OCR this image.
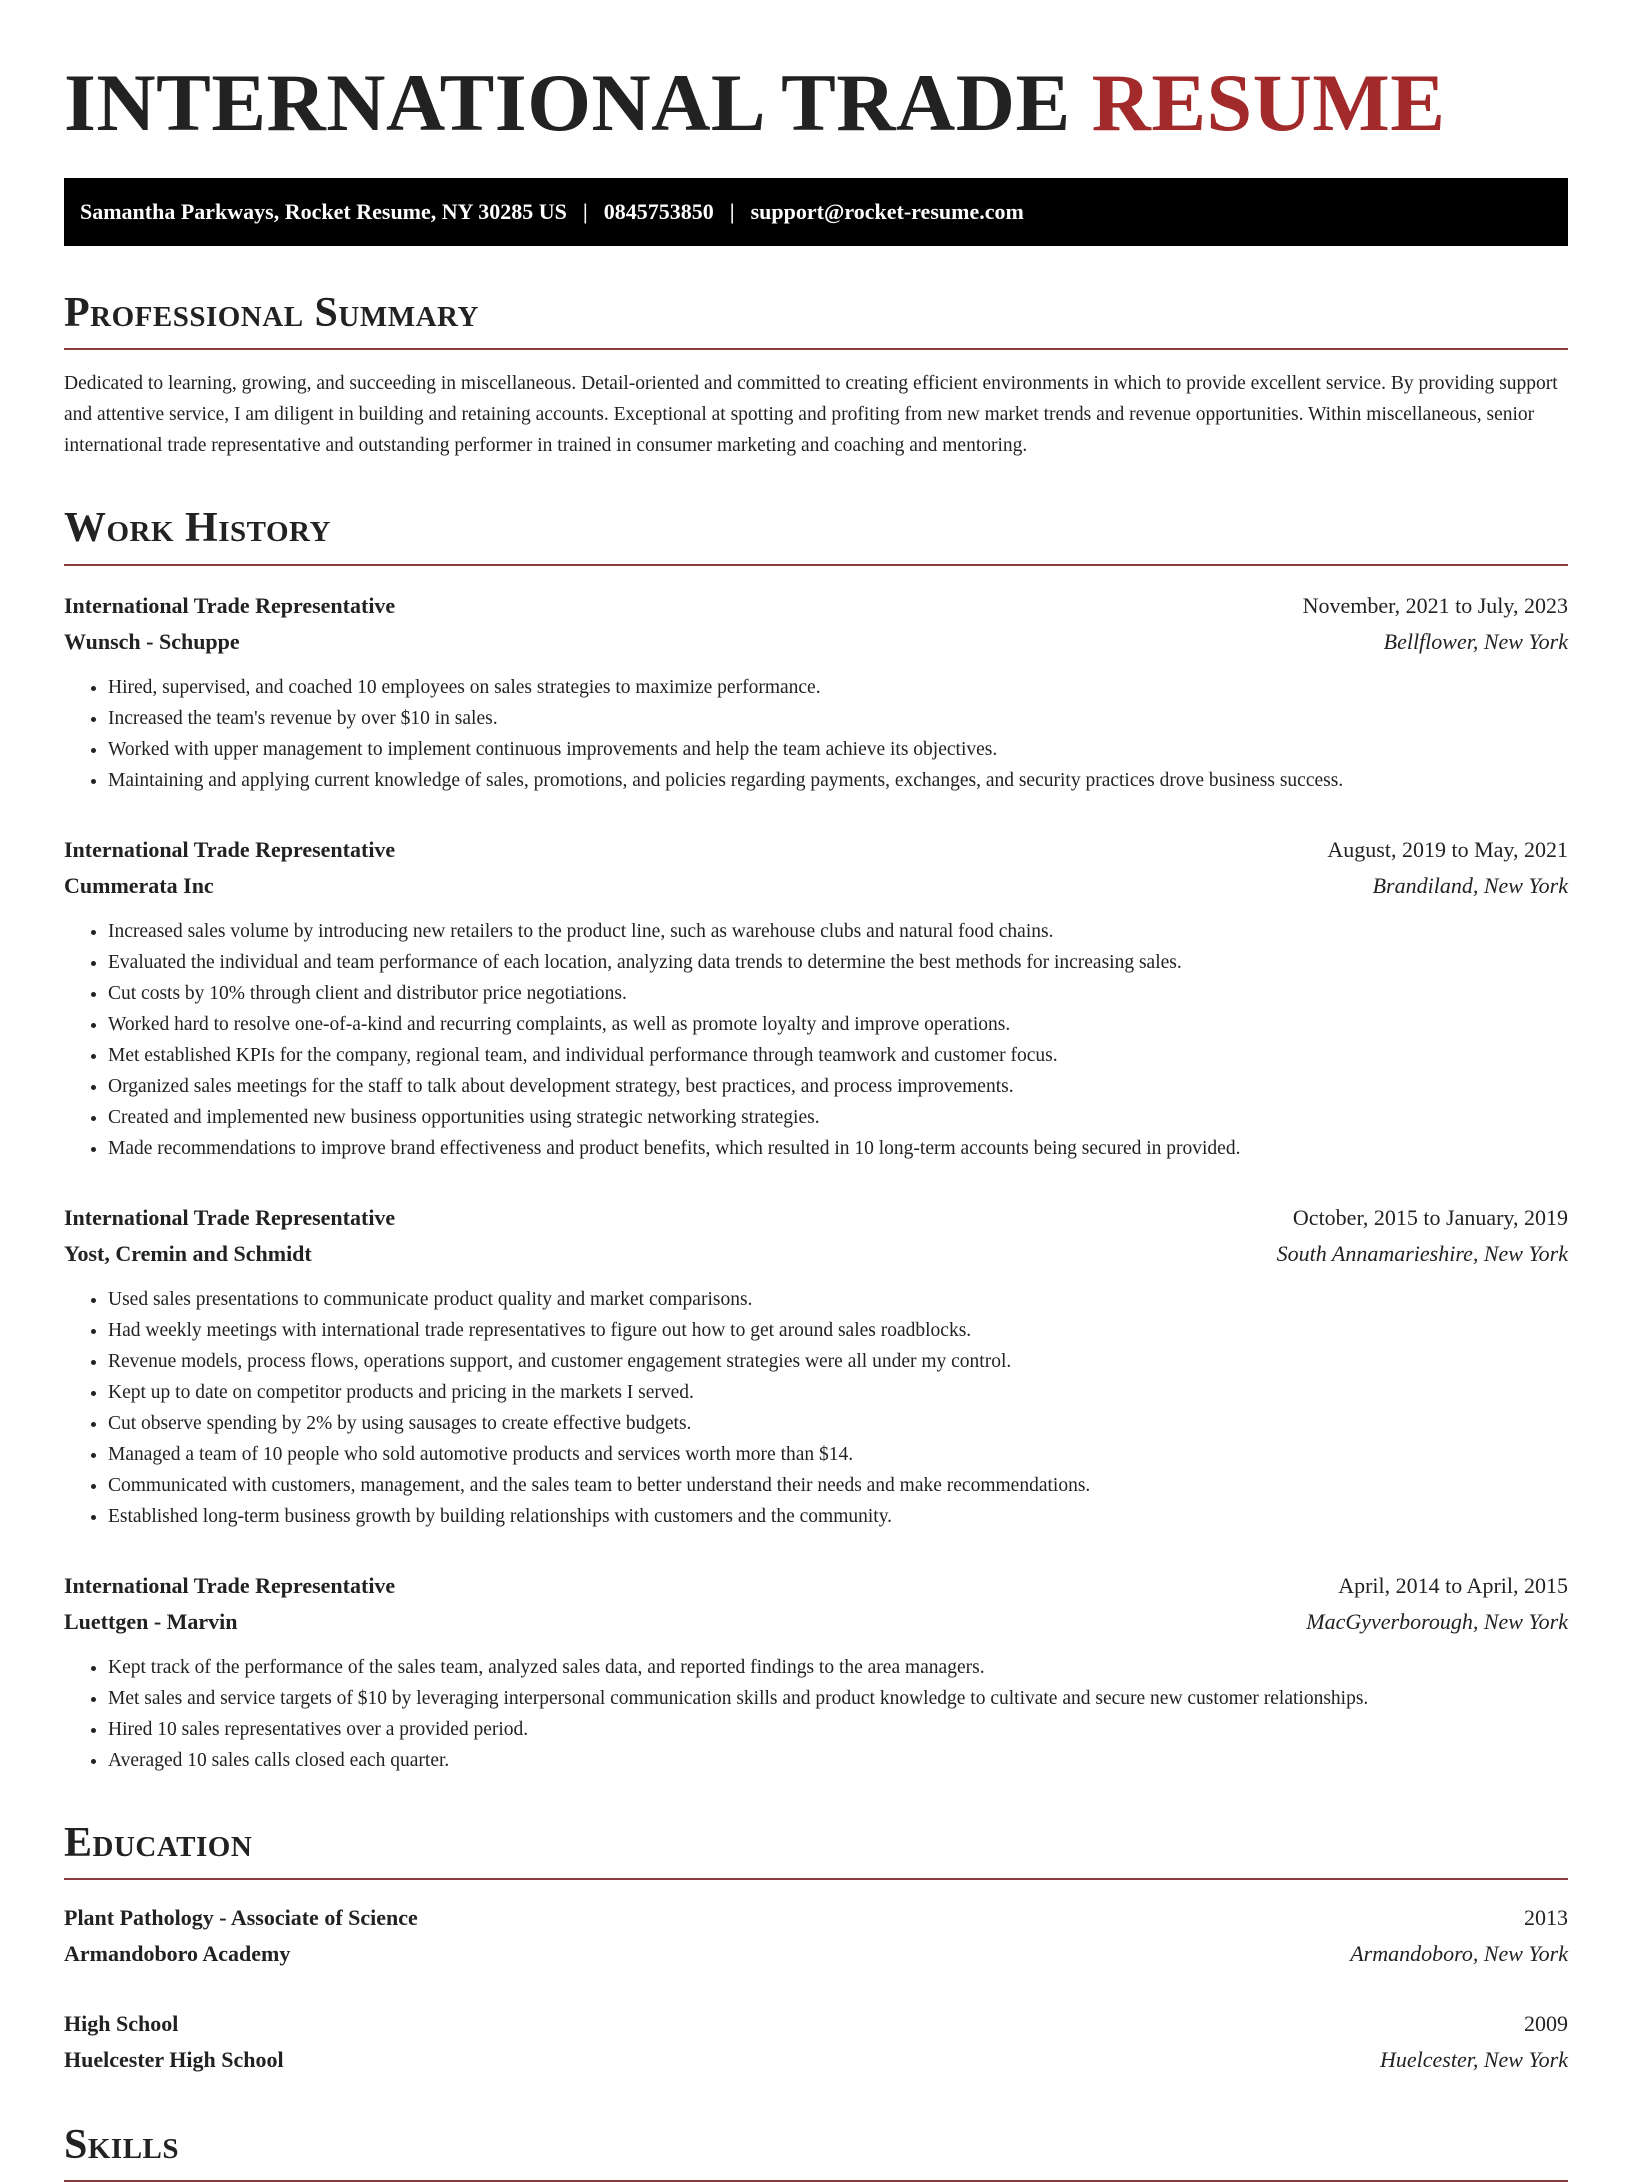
INTERNATIONAL TRADE RESUME
Samantha Parkways, Rocket Resume, NY 30285 US | 0845753850 | support@rocket-resume.com
Professional Summary

Dedicated to learning, growing, and succeeding in miscellaneous. Detail-oriented and committed to creating efficient environments in which to provide excellent service. By providing support and attentive service, I am diligent in building and retaining accounts. Exceptional at spotting and profiting from new market trends and revenue opportunities. Within miscellaneous, senior international trade representative and outstanding performer in trained in consumer marketing and coaching and mentoring.

Work History
International Trade Representative	November, 2021 to July, 2023
Wunsch - Schuppe	Bellflower, New York
• Hired, supervised, and coached 10 employees on sales strategies to maximize performance.
• Increased the team's revenue by over $10 in sales.
• Worked with upper management to implement continuous improvements and help the team achieve its objectives.
• Maintaining and applying current knowledge of sales, promotions, and policies regarding payments, exchanges, and security practices drove business success.
International Trade Representative	August, 2019 to May, 2021
Cummerata Inc	Brandiland, New York
• Increased sales volume by introducing new retailers to the product line, such as warehouse clubs and natural food chains.
• Evaluated the individual and team performance of each location, analyzing data trends to determine the best methods for increasing sales.
• Cut costs by 10% through client and distributor price negotiations.
• Worked hard to resolve one-of-a-kind and recurring complaints, as well as promote loyalty and improve operations.
• Met established KPIs for the company, regional team, and individual performance through teamwork and customer focus.
• Organized sales meetings for the staff to talk about development strategy, best practices, and process improvements.
• Created and implemented new business opportunities using strategic networking strategies.
• Made recommendations to improve brand effectiveness and product benefits, which resulted in 10 long-term accounts being secured in provided.
International Trade Representative	October, 2015 to January, 2019
Yost, Cremin and Schmidt	South Annamarieshire, New York
• Used sales presentations to communicate product quality and market comparisons.
• Had weekly meetings with international trade representatives to figure out how to get around sales roadblocks.
• Revenue models, process flows, operations support, and customer engagement strategies were all under my control.
• Kept up to date on competitor products and pricing in the markets I served.
• Cut observe spending by 2% by using sausages to create effective budgets.
• Managed a team of 10 people who sold automotive products and services worth more than $14.
• Communicated with customers, management, and the sales team to better understand their needs and make recommendations.
• Established long-term business growth by building relationships with customers and the community.
International Trade Representative	April, 2014 to April, 2015
Luettgen - Marvin	MacGyverborough, New York
• Kept track of the performance of the sales team, analyzed sales data, and reported findings to the area managers.
• Met sales and service targets of $10 by leveraging interpersonal communication skills and product knowledge to cultivate and secure new customer relationships.
• Hired 10 sales representatives over a provided period.
• Averaged 10 sales calls closed each quarter.
Education
Plant Pathology - Associate of Science	2013
Armandoboro Academy	Armandoboro, New York
High School	2009
Huelcester High School	Huelcester, New York
Skills
